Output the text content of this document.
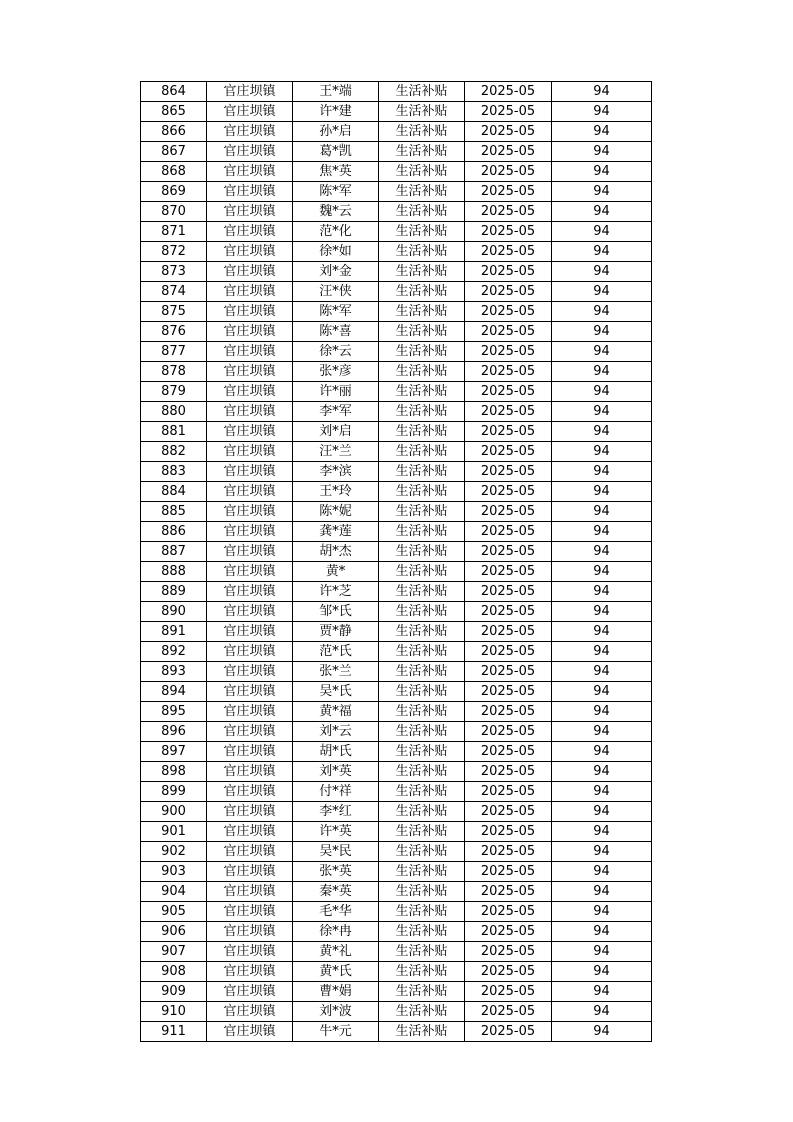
864	官庄坝镇	王*端	生活补贴	2025-05	94
865	官庄坝镇	许*建	生活补贴	2025-05	94
866	官庄坝镇	孙*启	生活补贴	2025-05	94
867	官庄坝镇	葛*凯	生活补贴	2025-05	94
868	官庄坝镇	焦*英	生活补贴	2025-05	94
869	官庄坝镇	陈*军	生活补贴	2025-05	94
870	官庄坝镇	魏*云	生活补贴	2025-05	94
871	官庄坝镇	范*化	生活补贴	2025-05	94
872	官庄坝镇	徐*如	生活补贴	2025-05	94
873	官庄坝镇	刘*金	生活补贴	2025-05	94
874	官庄坝镇	汪*侠	生活补贴	2025-05	94
875	官庄坝镇	陈*军	生活补贴	2025-05	94
876	官庄坝镇	陈*喜	生活补贴	2025-05	94
877	官庄坝镇	徐*云	生活补贴	2025-05	94
878	官庄坝镇	张*彦	生活补贴	2025-05	94
879	官庄坝镇	许*丽	生活补贴	2025-05	94
880	官庄坝镇	李*军	生活补贴	2025-05	94
881	官庄坝镇	刘*启	生活补贴	2025-05	94
882	官庄坝镇	汪*兰	生活补贴	2025-05	94
883	官庄坝镇	李*滨	生活补贴	2025-05	94
884	官庄坝镇	王*玲	生活补贴	2025-05	94
885	官庄坝镇	陈*妮	生活补贴	2025-05	94
886	官庄坝镇	龚*莲	生活补贴	2025-05	94
887	官庄坝镇	胡*杰	生活补贴	2025-05	94
888	官庄坝镇	黄*	生活补贴	2025-05	94
889	官庄坝镇	许*芝	生活补贴	2025-05	94
890	官庄坝镇	邹*氏	生活补贴	2025-05	94
891	官庄坝镇	贾*静	生活补贴	2025-05	94
892	官庄坝镇	范*氏	生活补贴	2025-05	94
893	官庄坝镇	张*兰	生活补贴	2025-05	94
894	官庄坝镇	吴*氏	生活补贴	2025-05	94
895	官庄坝镇	黄*福	生活补贴	2025-05	94
896	官庄坝镇	刘*云	生活补贴	2025-05	94
897	官庄坝镇	胡*氏	生活补贴	2025-05	94
898	官庄坝镇	刘*英	生活补贴	2025-05	94
899	官庄坝镇	付*祥	生活补贴	2025-05	94
900	官庄坝镇	李*红	生活补贴	2025-05	94
901	官庄坝镇	许*英	生活补贴	2025-05	94
902	官庄坝镇	吴*民	生活补贴	2025-05	94
903	官庄坝镇	张*英	生活补贴	2025-05	94
904	官庄坝镇	秦*英	生活补贴	2025-05	94
905	官庄坝镇	毛*华	生活补贴	2025-05	94
906	官庄坝镇	徐*冉	生活补贴	2025-05	94
907	官庄坝镇	黄*礼	生活补贴	2025-05	94
908	官庄坝镇	黄*氏	生活补贴	2025-05	94
909	官庄坝镇	曹*娟	生活补贴	2025-05	94
910	官庄坝镇	刘*波	生活补贴	2025-05	94
911	官庄坝镇	牛*元	生活补贴	2025-05	94
